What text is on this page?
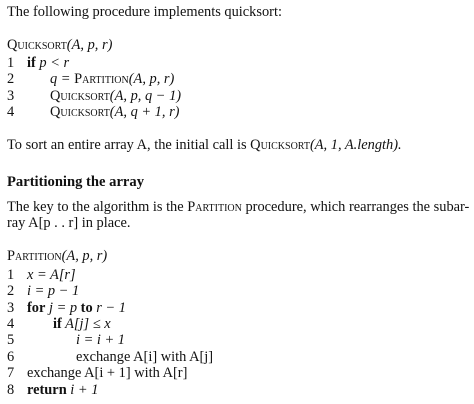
The following procedure implements quicksort:
Quicksort(A, p, r)
1 if p < r
2	q = Partition(A, p, r)
3	Quicksort(A, p, q − 1)
4	Quicksort(A, q + 1, r)
To sort an entire array A, the initial call is Quicksort(A, 1, A.length).
Partitioning the array
The key to the algorithm is the Partition procedure, which rearranges the subar-
ray A[p . . r] in place.
Partition(A, p, r)
1 x = A[r]
2 i = p − 1
3 for j = p to r − 1
4	if A[j] ≤ x
5	i = i + 1
6	exchange A[i] with A[j]
7 exchange A[i + 1] with A[r]
8 return i + 1
